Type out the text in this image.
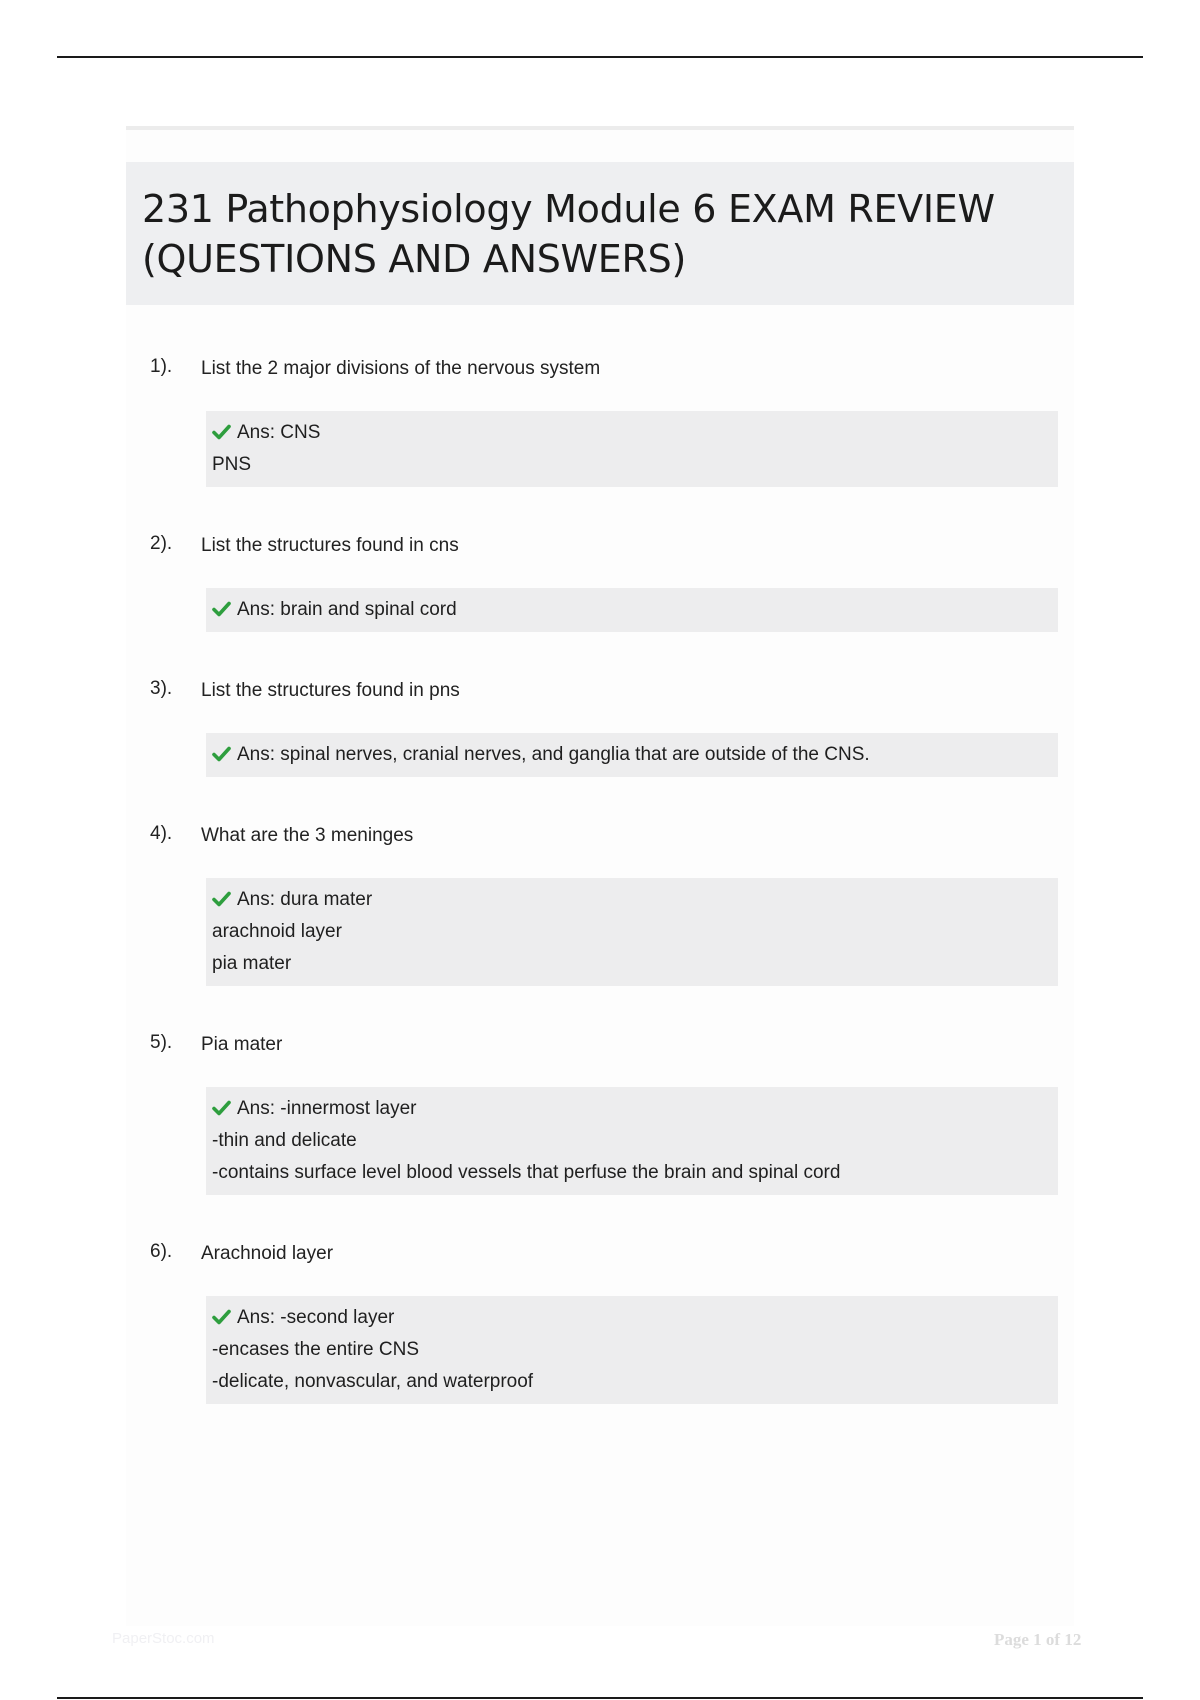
231 Pathophysiology Module 6 EXAM REVIEW
(QUESTIONS AND ANSWERS)
1). List the 2 major divisions of the nervous system
Ans: CNS
PNS
2). List the structures found in cns
Ans: brain and spinal cord
3). List the structures found in pns
Ans: spinal nerves, cranial nerves, and ganglia that are outside of the CNS.
4). What are the 3 meninges
Ans: dura mater
arachnoid layer
pia mater
5). Pia mater
Ans: -innermost layer
-thin and delicate
-contains surface level blood vessels that perfuse the brain and spinal cord
6). Arachnoid layer
Ans: -second layer
-encases the entire CNS
-delicate, nonvascular, and waterproof
PaperStoc.com	Page 1 of 12
